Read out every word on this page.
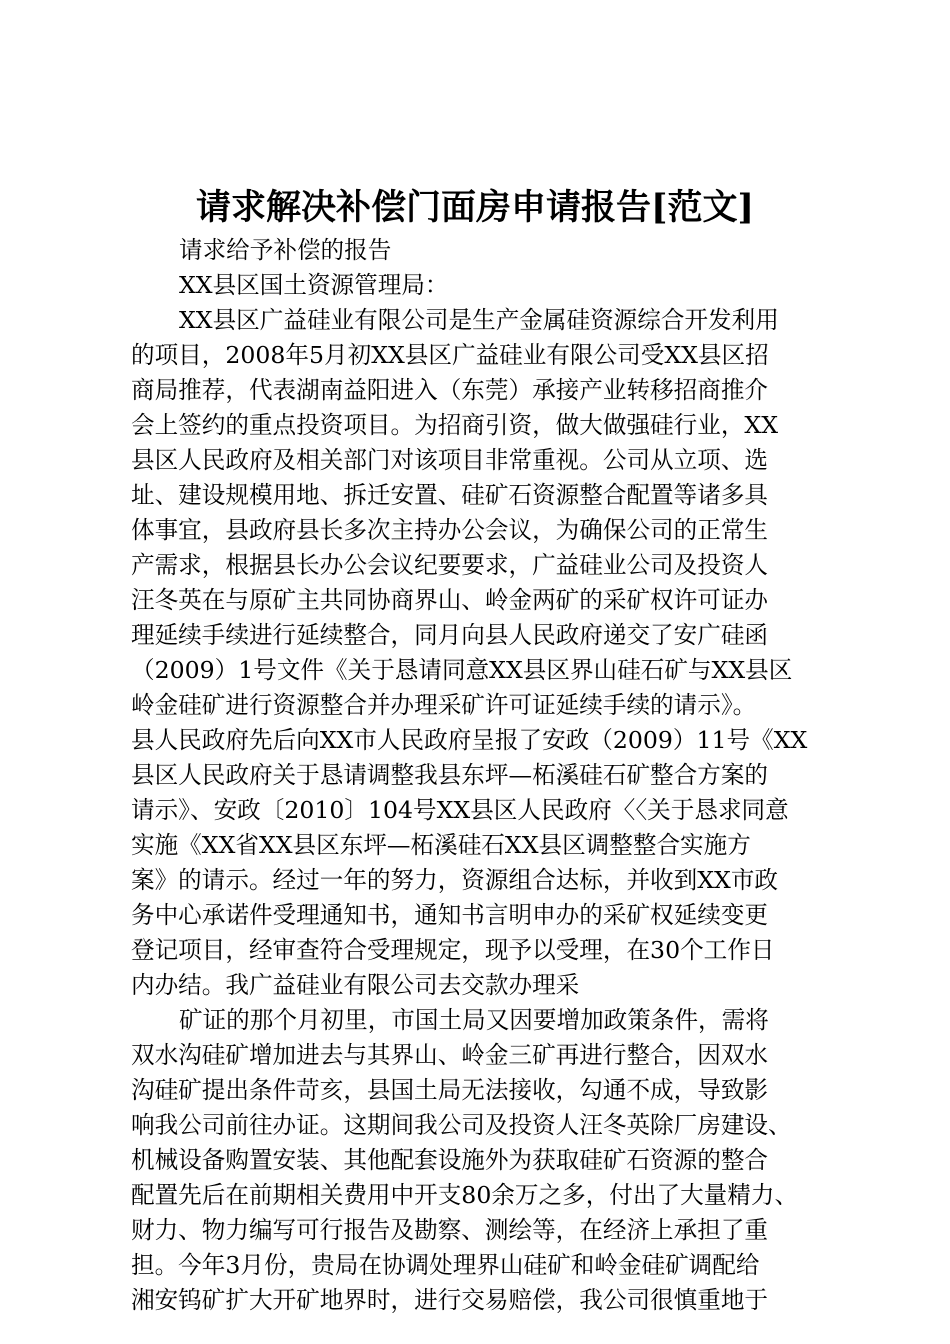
请求解决补偿门面房申请报告[范文]
请求给予补偿的报告
XX县区国土资源管理局：
XX县区广益硅业有限公司是生产金属硅资源综合开发利用
的项目，2008年5月初XX县区广益硅业有限公司受XX县区招
商局推荐，代表湖南益阳进入（东莞）承接产业转移招商推介
会上签约的重点投资项目。为招商引资，做大做强硅行业，XX
县区人民政府及相关部门对该项目非常重视。公司从立项、选
址、建设规模用地、拆迁安置、硅矿石资源整合配置等诸多具
体事宜，县政府县长多次主持办公会议，为确保公司的正常生
产需求，根据县长办公会议纪要要求，广益硅业公司及投资人
汪冬英在与原矿主共同协商界山、岭金两矿的采矿权许可证办
理延续手续进行延续整合，同月向县人民政府递交了安广硅函
（2009）1号文件《关于恳请同意XX县区界山硅石矿与XX县区
岭金硅矿进行资源整合并办理采矿许可证延续手续的请示》。
县人民政府先后向XX市人民政府呈报了安政（2009）11号《XX
县区人民政府关于恳请调整我县东坪—柘溪硅石矿整合方案的
请示》、安政〔2010〕104号XX县区人民政府〈〈关于恳求同意
实施《XX省XX县区东坪—柘溪硅石XX县区调整整合实施方
案》的请示。经过一年的努力，资源组合达标，并收到XX市政
务中心承诺件受理通知书，通知书言明申办的采矿权延续变更
登记项目，经审查符合受理规定，现予以受理，在30个工作日
内办结。我广益硅业有限公司去交款办理采
矿证的那个月初里，市国土局又因要增加政策条件，需将
双水沟硅矿增加进去与其界山、岭金三矿再进行整合，因双水
沟硅矿提出条件苛亥，县国土局无法接收，勾通不成，导致影
响我公司前往办证。这期间我公司及投资人汪冬英除厂房建设、
机械设备购置安装、其他配套设施外为获取硅矿石资源的整合
配置先后在前期相关费用中开支80余万之多，付出了大量精力、
财力、物力编写可行报告及勘察、测绘等，在经济上承担了重
担。今年3月份，贵局在协调处理界山硅矿和岭金硅矿调配给
湘安钨矿扩大开矿地界时，进行交易赔偿，我公司很慎重地于
